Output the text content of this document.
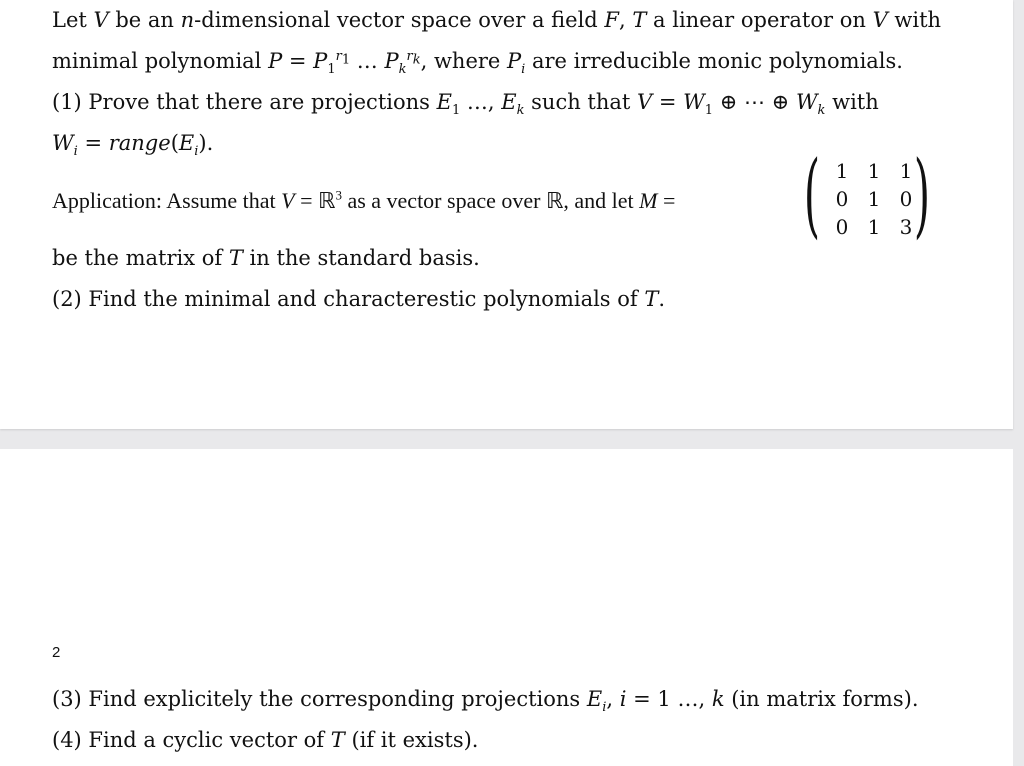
Let V be an n-dimensional vector space over a field F, T a linear operator on V with
minimal polynomial $P = P_1^{r_1}$ … $P_k^{r_k}$, where $P_i$ are irreducible monic polynomials.
(1) Prove that there are projections $E_1$ …, $E_k$ such that $V = W_1$ ⊕ ⋯ ⊕ $W_k$ with
$W_i$ = $range(E_i)$.
Application: Assume that V = ℝ$^3$ as a vector space over ℝ, and let M = ( 1 1 1
0 1 0
0 1 3 )
be the matrix of T in the standard basis.
(2) Find the minimal and characterestic polynomials of T.
2
(3) Find explicitely the corresponding projections $E_i$, i = 1 …, k (in matrix forms).
(4) Find a cyclic vector of T (if it exists).
